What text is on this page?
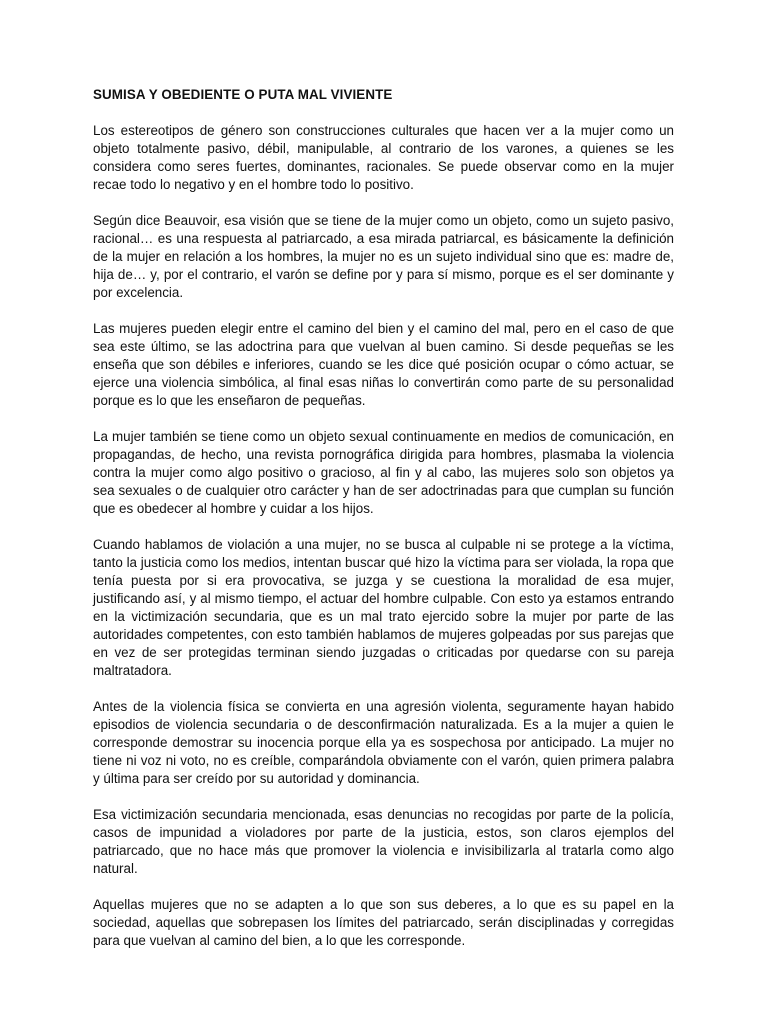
SUMISA Y OBEDIENTE O PUTA MAL VIVIENTE

Los estereotipos de género son construcciones culturales que hacen ver a la mujer como un objeto totalmente pasivo, débil, manipulable, al contrario de los varones, a quienes se les considera como seres fuertes, dominantes, racionales. Se puede observar como en la mujer recae todo lo negativo y en el hombre todo lo positivo.

Según dice Beauvoir, esa visión que se tiene de la mujer como un objeto, como un sujeto pasivo, racional… es una respuesta al patriarcado, a esa mirada patriarcal, es básicamente la definición de la mujer en relación a los hombres, la mujer no es un sujeto individual sino que es: madre de, hija de… y, por el contrario, el varón se define por y para sí mismo, porque es el ser dominante y por excelencia.

Las mujeres pueden elegir entre el camino del bien y el camino del mal, pero en el caso de que sea este último, se las adoctrina para que vuelvan al buen camino. Si desde pequeñas se les enseña que son débiles e inferiores, cuando se les dice qué posición ocupar o cómo actuar, se ejerce una violencia simbólica, al final esas niñas lo convertirán como parte de su personalidad porque es lo que les enseñaron de pequeñas.

La mujer también se tiene como un objeto sexual continuamente en medios de comunicación, en propagandas, de hecho, una revista pornográfica dirigida para hombres, plasmaba la violencia contra la mujer como algo positivo o gracioso, al fin y al cabo, las mujeres solo son objetos ya sea sexuales o de cualquier otro carácter y han de ser adoctrinadas para que cumplan su función que es obedecer al hombre y cuidar a los hijos.

Cuando hablamos de violación a una mujer, no se busca al culpable ni se protege a la víctima, tanto la justicia como los medios, intentan buscar qué hizo la víctima para ser violada, la ropa que tenía puesta por si era provocativa, se juzga y se cuestiona la moralidad de esa mujer, justificando así, y al mismo tiempo, el actuar del hombre culpable. Con esto ya estamos entrando en la victimización secundaria, que es un mal trato ejercido sobre la mujer por parte de las autoridades competentes, con esto también hablamos de mujeres golpeadas por sus parejas que en vez de ser protegidas terminan siendo juzgadas o criticadas por quedarse con su pareja maltratadora.

Antes de la violencia física se convierta en una agresión violenta, seguramente hayan habido episodios de violencia secundaria o de desconfirmación naturalizada. Es a la mujer a quien le corresponde demostrar su inocencia porque ella ya es sospechosa por anticipado. La mujer no tiene ni voz ni voto, no es creíble, comparándola obviamente con el varón, quien primera palabra y última para ser creído por su autoridad y dominancia.

Esa victimización secundaria mencionada, esas denuncias no recogidas por parte de la policía, casos de impunidad a violadores por parte de la justicia, estos, son claros ejemplos del patriarcado, que no hace más que promover la violencia e invisibilizarla al tratarla como algo natural.

Aquellas mujeres que no se adapten a lo que son sus deberes, a lo que es su papel en la sociedad, aquellas que sobrepasen los límites del patriarcado, serán disciplinadas y corregidas para que vuelvan al camino del bien, a lo que les corresponde.
